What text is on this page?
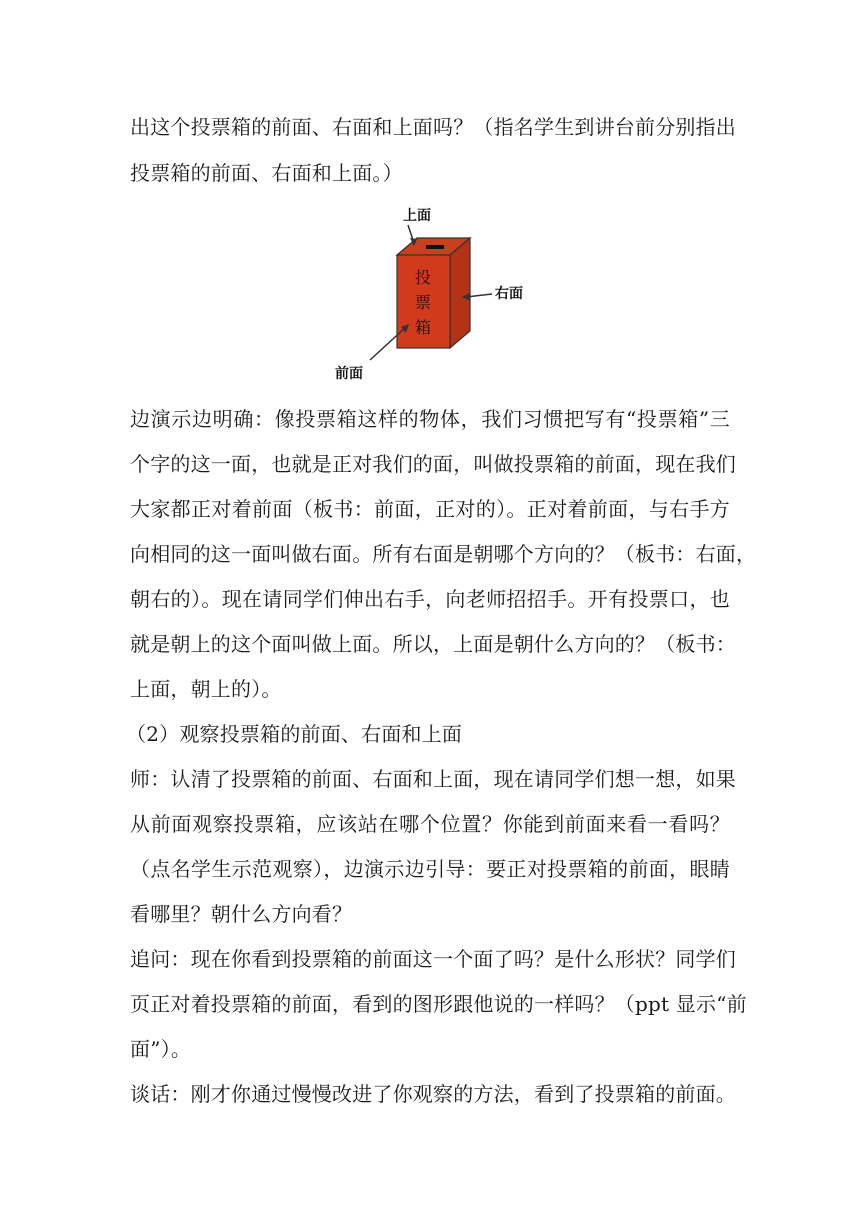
出这个投票箱的前面、右面和上面吗？（指名学生到讲台前分别指出
投票箱的前面、右面和上面。）
投
票
箱
上面
右面
前面
边演示边明确：像投票箱这样的物体，我们习惯把写有“投票箱”三
个字的这一面，也就是正对我们的面，叫做投票箱的前面，现在我们
大家都正对着前面（板书：前面，正对的）。正对着前面，与右手方
向相同的这一面叫做右面。所有右面是朝哪个方向的？（板书：右面，
朝右的）。现在请同学们伸出右手，向老师招招手。开有投票口，也
就是朝上的这个面叫做上面。所以，上面是朝什么方向的？（板书：
上面，朝上的）。
（2）观察投票箱的前面、右面和上面
师：认清了投票箱的前面、右面和上面，现在请同学们想一想，如果
从前面观察投票箱，应该站在哪个位置？你能到前面来看一看吗？
（点名学生示范观察），边演示边引导：要正对投票箱的前面，眼睛
看哪里？朝什么方向看？
追问：现在你看到投票箱的前面这一个面了吗？是什么形状？同学们
页正对着投票箱的前面，看到的图形跟他说的一样吗？（ppt 显示“前
面”）。
谈话：刚才你通过慢慢改进了你观察的方法，看到了投票箱的前面。
